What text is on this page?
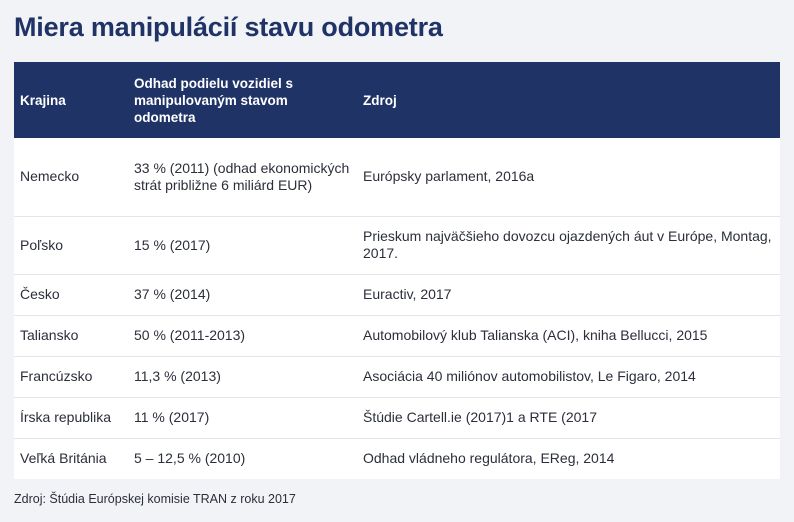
Miera manipulácií stavu odometra
Krajina	Odhad podielu vozidiel s manipulovaným stavom odometra	Zdroj
Nemecko	33 % (2011) (odhad ekonomických strát približne 6 miliárd EUR)	Európsky parlament, 2016a
Poľsko	15 % (2017)	Prieskum najväčšieho dovozcu ojazdených áut v Európe, Montag, 2017.
Česko	37 % (2014)	Euractiv, 2017
Taliansko	50 % (2011-2013)	Automobilový klub Talianska (ACI), kniha Bellucci, 2015
Francúzsko	11,3 % (2013)	Asociácia 40 miliónov automobilistov, Le Figaro, 2014
Írska republika	11 % (2017)	Štúdie Cartell.ie (2017)1 a RTE (2017
Veľká Británia	5 – 12,5 % (2010)	Odhad vládneho regulátora, EReg, 2014
Zdroj: Štúdia Európskej komisie TRAN z roku 2017
